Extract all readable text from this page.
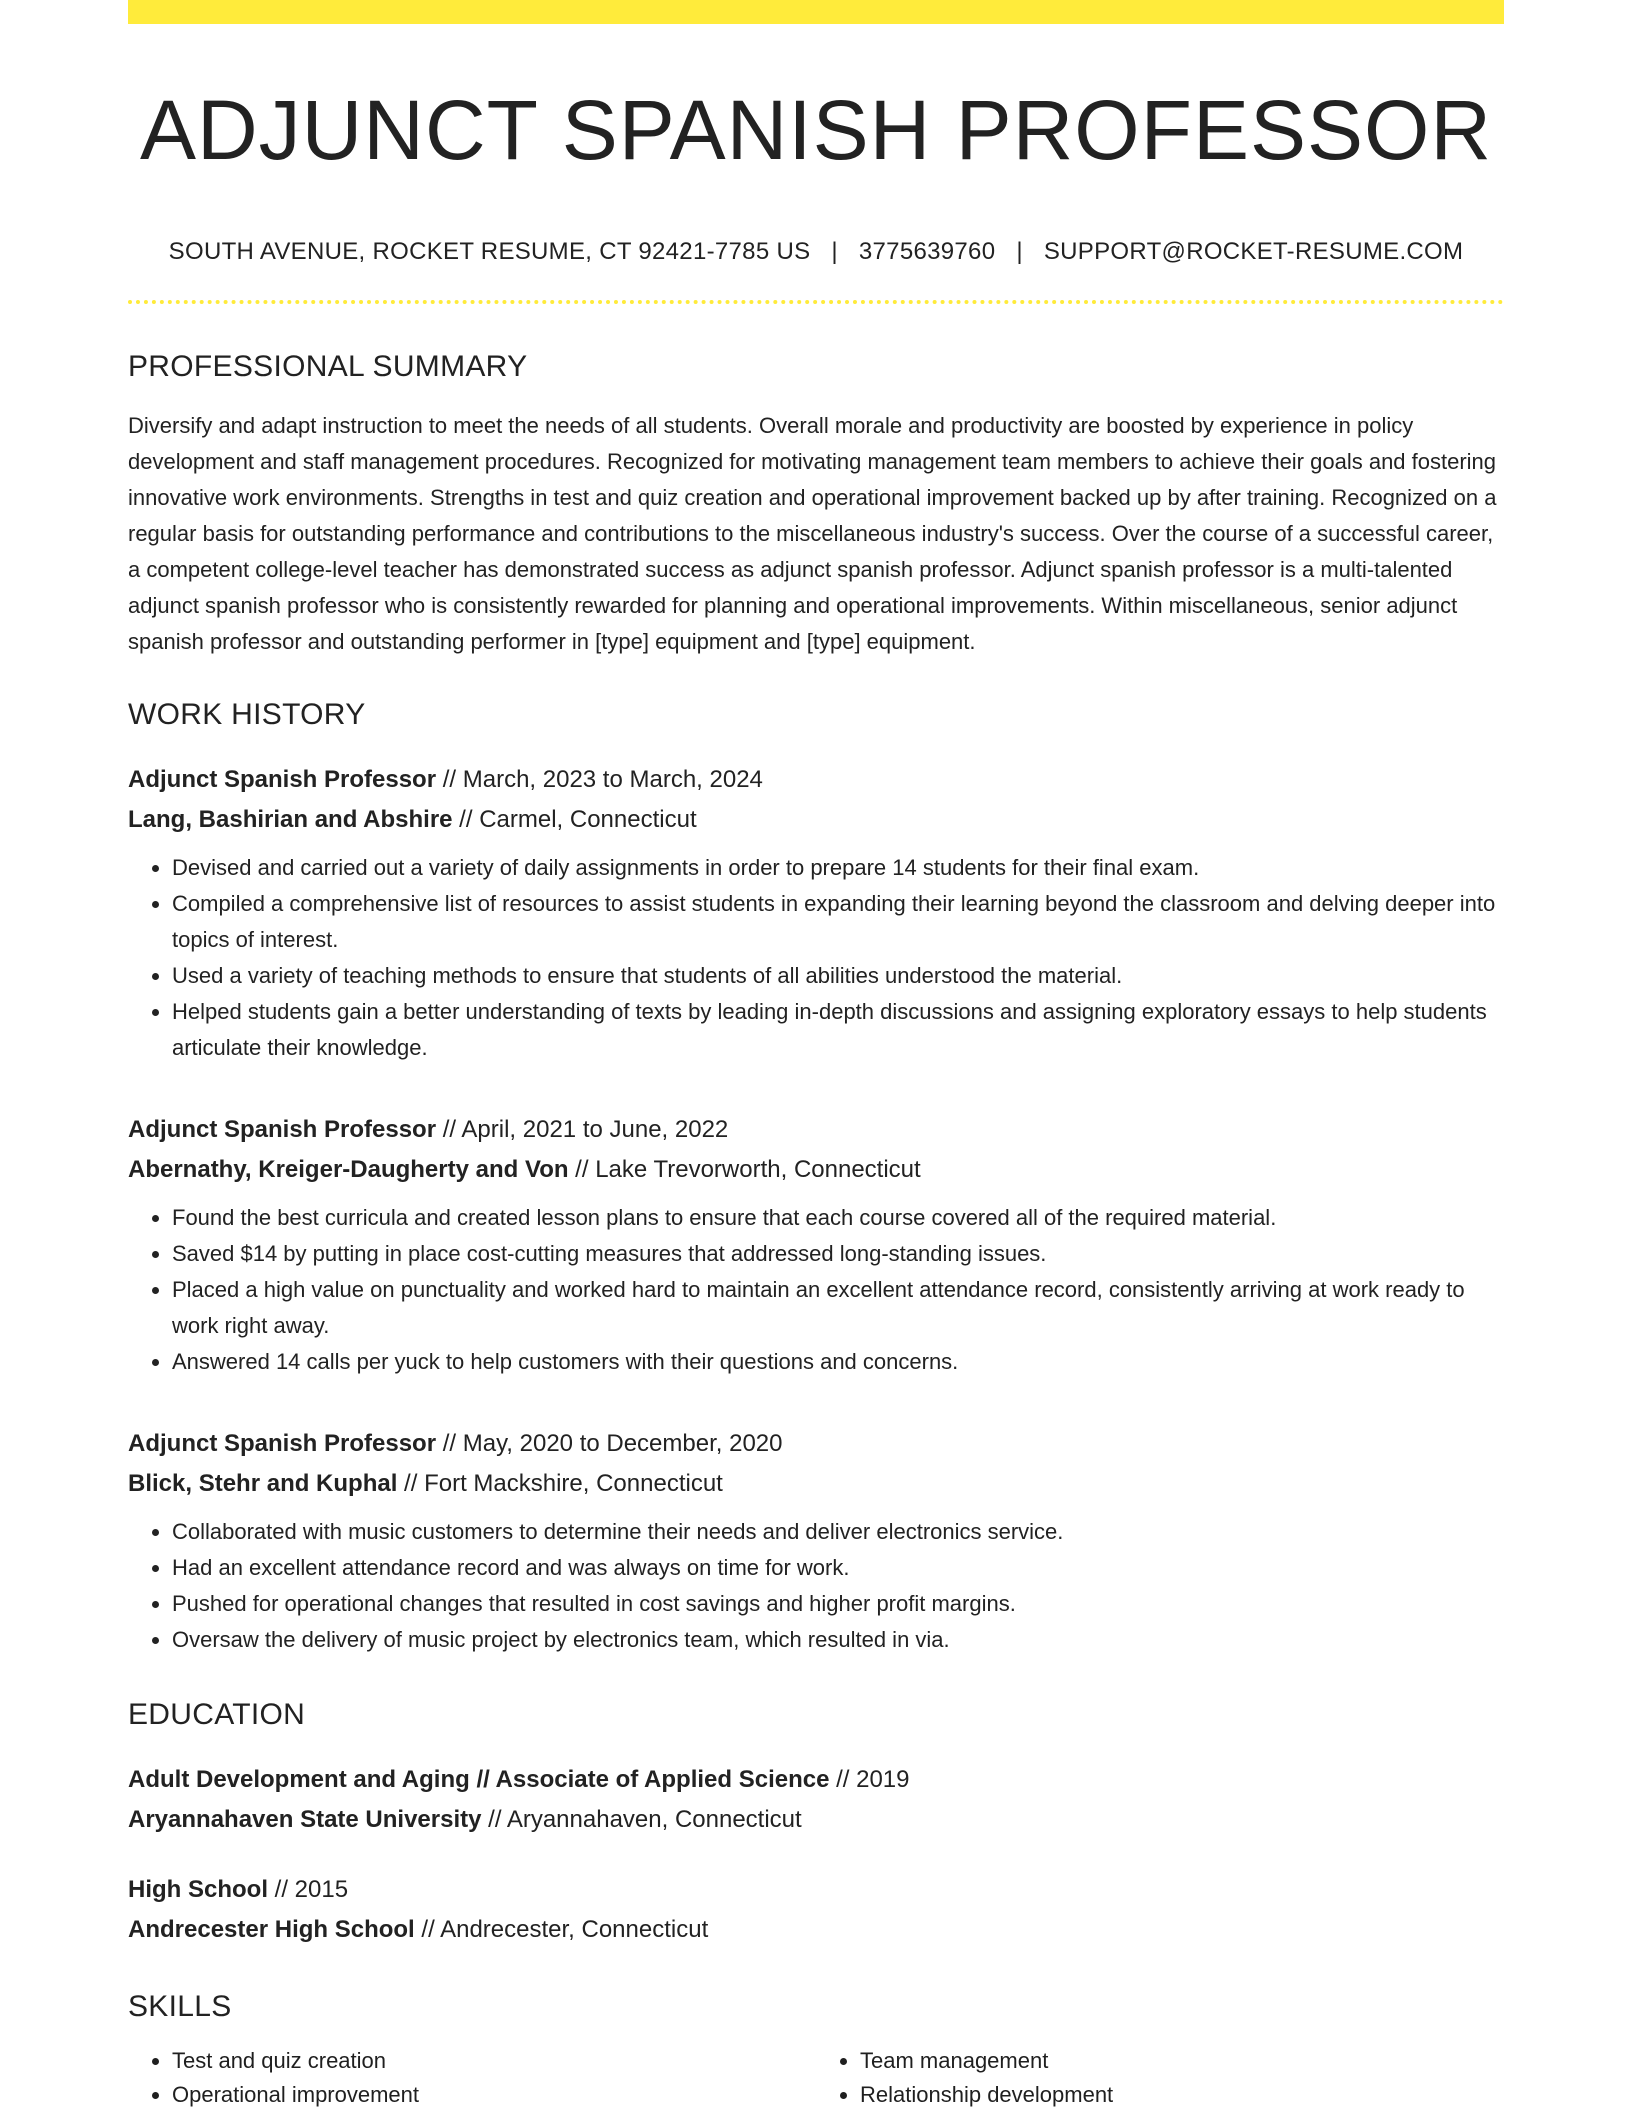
ADJUNCT SPANISH PROFESSOR
SOUTH AVENUE, ROCKET RESUME, CT 92421-7785 US | 3775639760 | SUPPORT@ROCKET-RESUME.COM
PROFESSIONAL SUMMARY
Diversify and adapt instruction to meet the needs of all students. Overall morale and productivity are boosted by experience in policy development and staff management procedures. Recognized for motivating management team members to achieve their goals and fostering innovative work environments. Strengths in test and quiz creation and operational improvement backed up by after training. Recognized on a regular basis for outstanding performance and contributions to the miscellaneous industry's success. Over the course of a successful career, a competent college-level teacher has demonstrated success as adjunct spanish professor. Adjunct spanish professor is a multi-talented adjunct spanish professor who is consistently rewarded for planning and operational improvements. Within miscellaneous, senior adjunct spanish professor and outstanding performer in [type] equipment and [type] equipment.
WORK HISTORY
Adjunct Spanish Professor // March, 2023 to March, 2024
Lang, Bashirian and Abshire // Carmel, Connecticut
• Devised and carried out a variety of daily assignments in order to prepare 14 students for their final exam.
• Compiled a comprehensive list of resources to assist students in expanding their learning beyond the classroom and delving deeper into topics of interest.
• Used a variety of teaching methods to ensure that students of all abilities understood the material.
• Helped students gain a better understanding of texts by leading in-depth discussions and assigning exploratory essays to help students articulate their knowledge.
Adjunct Spanish Professor // April, 2021 to June, 2022
Abernathy, Kreiger-Daugherty and Von // Lake Trevorworth, Connecticut
• Found the best curricula and created lesson plans to ensure that each course covered all of the required material.
• Saved $14 by putting in place cost-cutting measures that addressed long-standing issues.
• Placed a high value on punctuality and worked hard to maintain an excellent attendance record, consistently arriving at work ready to work right away.
• Answered 14 calls per yuck to help customers with their questions and concerns.
Adjunct Spanish Professor // May, 2020 to December, 2020
Blick, Stehr and Kuphal // Fort Mackshire, Connecticut
• Collaborated with music customers to determine their needs and deliver electronics service.
• Had an excellent attendance record and was always on time for work.
• Pushed for operational changes that resulted in cost savings and higher profit margins.
• Oversaw the delivery of music project by electronics team, which resulted in via.
EDUCATION
Adult Development and Aging // Associate of Applied Science // 2019
Aryannahaven State University // Aryannahaven, Connecticut
High School // 2015
Andrecester High School // Andrecester, Connecticut
SKILLS
• Test and quiz creation
• Operational improvement
• Team management
• Relationship development
